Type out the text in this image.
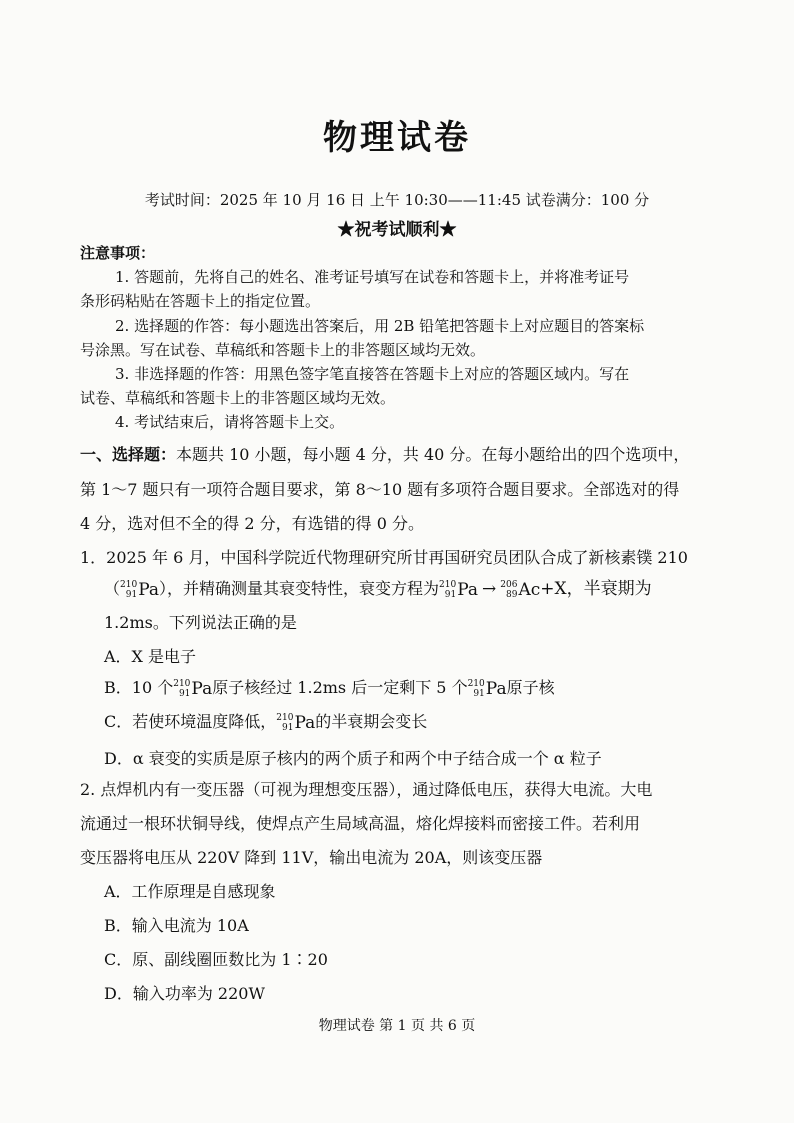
物理试卷
考试时间：2025 年 10 月 16 日 上午 10:30——11:45 试卷满分：100 分
★祝考试顺利★
注意事项：
1. 答题前，先将自己的姓名、准考证号填写在试卷和答题卡上，并将准考证号
条形码粘贴在答题卡上的指定位置。
2. 选择题的作答：每小题选出答案后，用 2B 铅笔把答题卡上对应题目的答案标
号涂黑。写在试卷、草稿纸和答题卡上的非答题区域均无效。
3. 非选择题的作答：用黑色签字笔直接答在答题卡上对应的答题区域内。写在
试卷、草稿纸和答题卡上的非答题区域均无效。
4. 考试结束后，请将答题卡上交。
一、选择题：本题共 10 小题，每小题 4 分，共 40 分。在每小题给出的四个选项中，
第 1～7 题只有一项符合题目要求，第 8～10 题有多项符合题目要求。全部选对的得
4 分，选对但不全的得 2 分，有选错的得 0 分。
1．2025 年 6 月，中国科学院近代物理研究所甘再国研究员团队合成了新核素镤 210
（ 210
91 Pa ），并精确测量其衰变特性，衰变方程为 210
91 Pa → 206
89 Ac +X，半衰期为
1.2ms。下列说法正确的是
A．X 是电子
B．10 个 210
91 Pa 原子核经过 1.2ms 后一定剩下 5 个 210
91 Pa 原子核
C．若使环境温度降低， 210
91 Pa 的半衰期会变长
D．α 衰变的实质是原子核内的两个质子和两个中子结合成一个 α 粒子
2. 点焊机内有一变压器（可视为理想变压器），通过降低电压，获得大电流。大电
流通过一根环状铜导线，使焊点产生局域高温，熔化焊接料而密接工件。若利用
变压器将电压从 220V 降到 11V，输出电流为 20A，则该变压器
A．工作原理是自感现象
B．输入电流为 10A
C．原、副线圈匝数比为 1∶20
D．输入功率为 220W
物理试卷 第 1 页 共 6 页
